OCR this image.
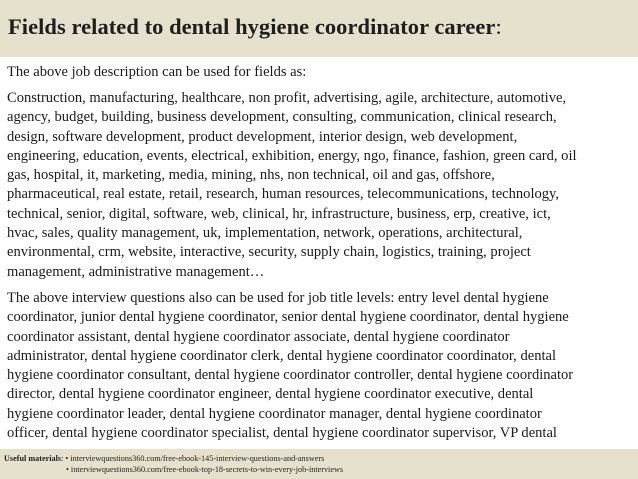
Fields related to dental hygiene coordinator career:
The above job description can be used for fields as:
Construction, manufacturing, healthcare, non profit, advertising, agile, architecture, automotive,
agency, budget, building, business development, consulting, communication, clinical research,
design, software development, product development, interior design, web development,
engineering, education, events, electrical, exhibition, energy, ngo, finance, fashion, green card, oil
gas, hospital, it, marketing, media, mining, nhs, non technical, oil and gas, offshore,
pharmaceutical, real estate, retail, research, human resources, telecommunications, technology,
technical, senior, digital, software, web, clinical, hr, infrastructure, business, erp, creative, ict,
hvac, sales, quality management, uk, implementation, network, operations, architectural,
environmental, crm, website, interactive, security, supply chain, logistics, training, project
management, administrative management…
The above interview questions also can be used for job title levels: entry level dental hygiene
coordinator, junior dental hygiene coordinator, senior dental hygiene coordinator, dental hygiene
coordinator assistant, dental hygiene coordinator associate, dental hygiene coordinator
administrator, dental hygiene coordinator clerk, dental hygiene coordinator coordinator, dental
hygiene coordinator consultant, dental hygiene coordinator controller, dental hygiene coordinator
director, dental hygiene coordinator engineer, dental hygiene coordinator executive, dental
hygiene coordinator leader, dental hygiene coordinator manager, dental hygiene coordinator
officer, dental hygiene coordinator specialist, dental hygiene coordinator supervisor, VP dental
Useful materials: • interviewquestions360.com/free-ebook-145-interview-questions-and-answers
• interviewquestions360.com/free-ebook-top-18-secrets-to-win-every-job-interviews
